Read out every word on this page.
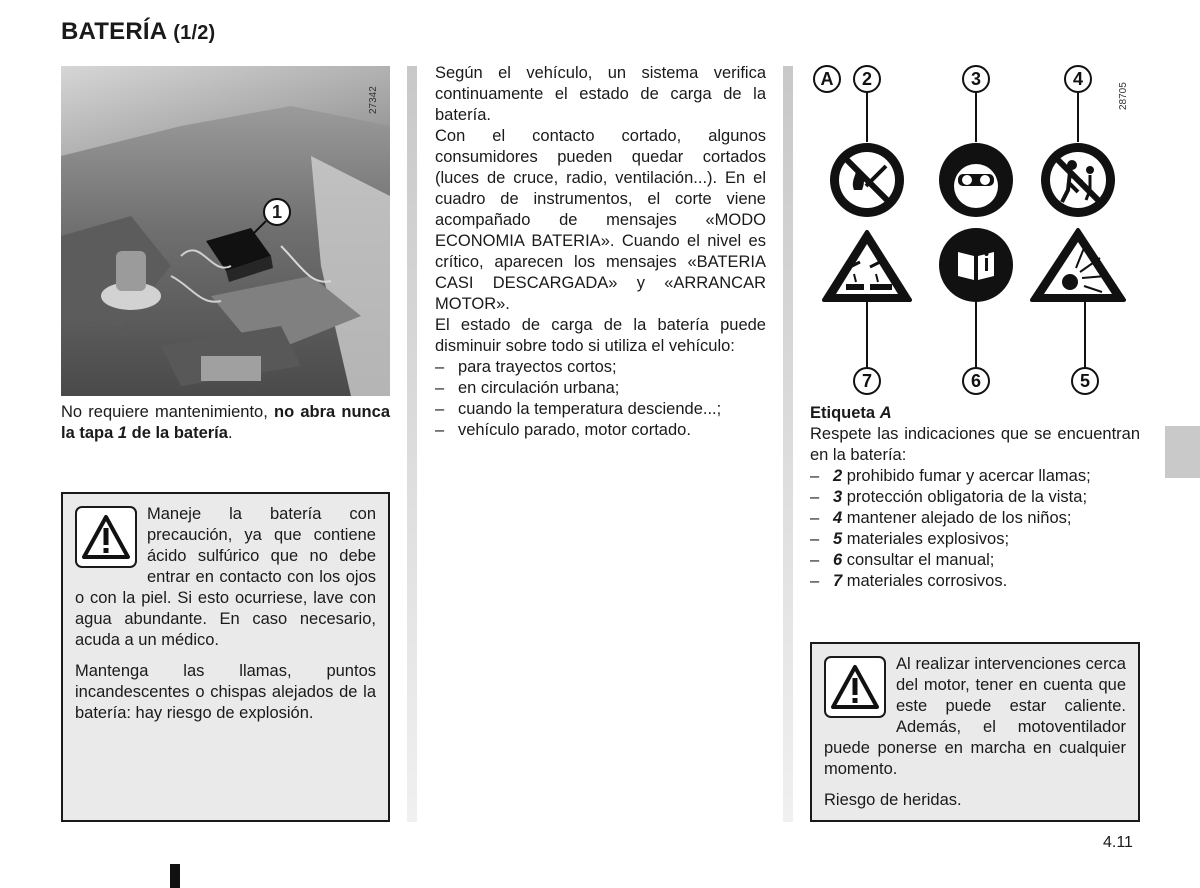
BATERÍA (1/2)
1
27342
No requiere mantenimiento, no abra nunca la tapa 1 de la batería.

Maneje la batería con precaución, ya que contiene ácido sulfúrico que no debe entrar en contacto con los ojos o con la piel. Si esto ocurriese, lave con agua abundante. En caso necesario, acuda a un médico.

Mantenga las llamas, puntos incandescentes o chispas alejados de la batería: hay riesgo de explosión.

Según el vehículo, un sistema verifica continuamente el estado de carga de la batería.

Con el contacto cortado, algunos consumidores pueden quedar cortados (luces de cruce, radio, ventilación...). En el cuadro de instrumentos, el corte viene acompañado de mensajes «MODO ECONOMIA BATERIA». Cuando el nivel es crítico, aparecen los mensajes «BATERIA CASI DESCARGADA» y «ARRANCAR MOTOR».

El estado de carga de la batería puede disminuir sobre todo si utiliza el vehículo:

– para trayectos cortos;
– en circulación urbana;
– cuando la temperatura desciende...;
– vehículo parado, motor cortado.
A 2	3	4
7	6	5
28705

Etiqueta A

Respete las indicaciones que se encuentran en la batería:

– 2 prohibido fumar y acercar llamas;
– 3 protección obligatoria de la vista;
– 4 mantener alejado de los niños;
– 5 materiales explosivos;
– 6 consultar el manual;
– 7 materiales corrosivos.

Al realizar intervenciones cerca del motor, tener en cuenta que este puede estar caliente. Además, el motoventilador puede ponerse en marcha en cualquier momento.

Riesgo de heridas.

4.11
